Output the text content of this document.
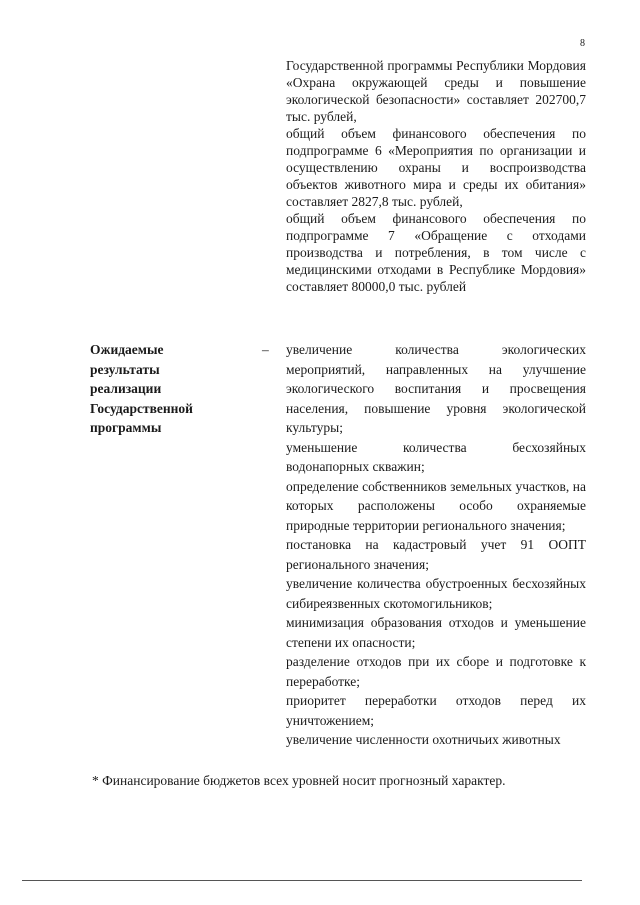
8

Государственной программы Республики Мордовия «Охрана окружающей среды и повышение экологической безопасности» составляет 202700,7 тыс. рублей,

общий объем финансового обеспечения по подпрограмме 6 «Мероприятия по организации и осуществлению охраны и воспроизводства объектов животного мира и среды их обитания» составляет 2827,8 тыс. рублей,

общий объем финансового обеспечения по подпрограмме 7 «Обращение с отходами производства и потребления, в том числе с медицинскими отходами в Республике Мордовия» составляет 80000,0 тыс. рублей

Ожидаемые
результаты
реализации
Государственной
программы
– увеличение количества экологических мероприятий, направленных на улучшение экологического воспитания и просвещения населения, повышение уровня экологической культуры;

уменьшение количества бесхозяйных водонапорных скважин;

определение собственников земельных участков, на которых расположены особо охраняемые природные территории регионального значения;

постановка на кадастровый учет 91 ООПТ регионального значения;

увеличение количества обустроенных бесхозяйных сибиреязвенных скотомогильников;

минимизация образования отходов и уменьшение степени их опасности;

разделение отходов при их сборе и подготовке к переработке;

приоритет переработки отходов перед их уничтожением;

увеличение численности охотничьих животных

* Финансирование бюджетов всех уровней носит прогнозный характер.
